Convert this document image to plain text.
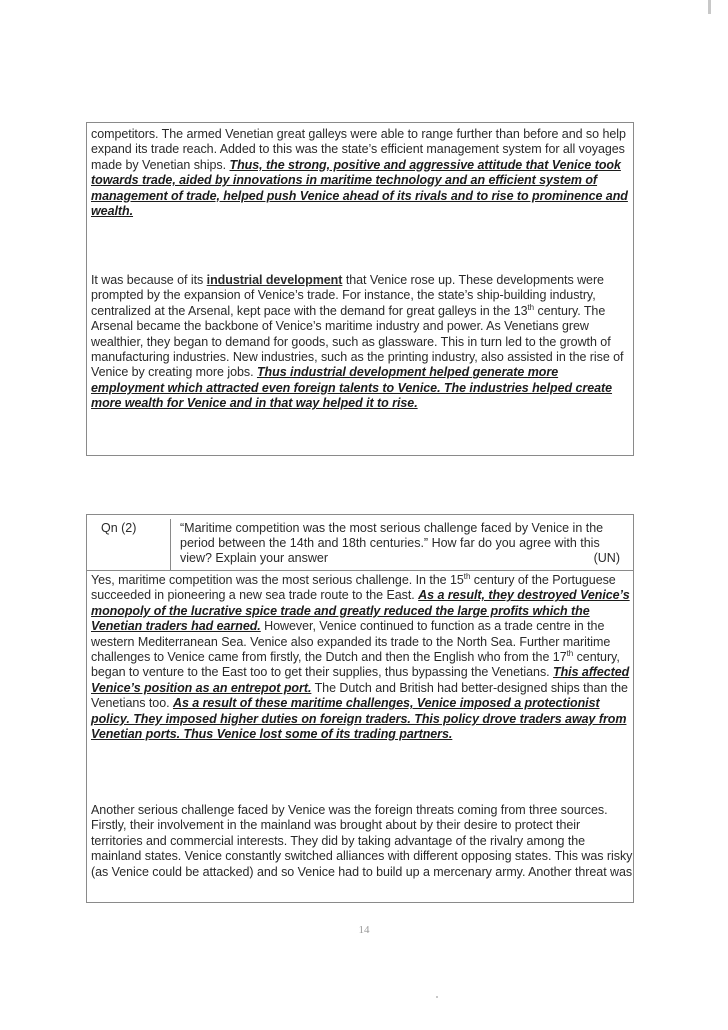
competitors. The armed Venetian great galleys were able to range further than before and so help expand its trade reach. Added to this was the state’s efficient management system for all voyages made by Venetian ships. Thus, the strong, positive and aggressive attitude that Venice took towards trade, aided by innovations in maritime technology and an efficient system of management of trade, helped push Venice ahead of its rivals and to rise to prominence and wealth.

It was because of its industrial development that Venice rose up. These developments were prompted by the expansion of Venice’s trade. For instance, the state’s ship-building industry, centralized at the Arsenal, kept pace with the demand for great galleys in the 13th century. The Arsenal became the backbone of Venice’s maritime industry and power. As Venetians grew wealthier, they began to demand for goods, such as glassware. This in turn led to the growth of manufacturing industries. New industries, such as the printing industry, also assisted in the rise of Venice by creating more jobs. Thus industrial development helped generate more employment which attracted even foreign talents to Venice. The industries helped create more wealth for Venice and in that way helped it to rise.

Qn (2)	“Maritime competition was the most serious challenge faced by Venice in the period between the 14th and 18th centuries.” How far do you agree with this view? Explain your answer	(UN)

Yes, maritime competition was the most serious challenge. In the 15th century of the Portuguese succeeded in pioneering a new sea trade route to the East. As a result, they destroyed Venice’s monopoly of the lucrative spice trade and greatly reduced the large profits which the Venetian traders had earned. However, Venice continued to function as a trade centre in the western Mediterranean Sea. Venice also expanded its trade to the North Sea. Further maritime challenges to Venice came from firstly, the Dutch and then the English who from the 17th century, began to venture to the East too to get their supplies, thus bypassing the Venetians. This affected Venice’s position as an entrepot port. The Dutch and British had better-designed ships than the Venetians too. As a result of these maritime challenges, Venice imposed a protectionist policy. They imposed higher duties on foreign traders. This policy drove traders away from Venetian ports. Thus Venice lost some of its trading partners.

Another serious challenge faced by Venice was the foreign threats coming from three sources. Firstly, their involvement in the mainland was brought about by their desire to protect their territories and commercial interests. They did by taking advantage of the rivalry among the mainland states. Venice constantly switched alliances with different opposing states. This was risky (as Venice could be attacked) and so Venice had to build up a mercenary army. Another threat was

14
